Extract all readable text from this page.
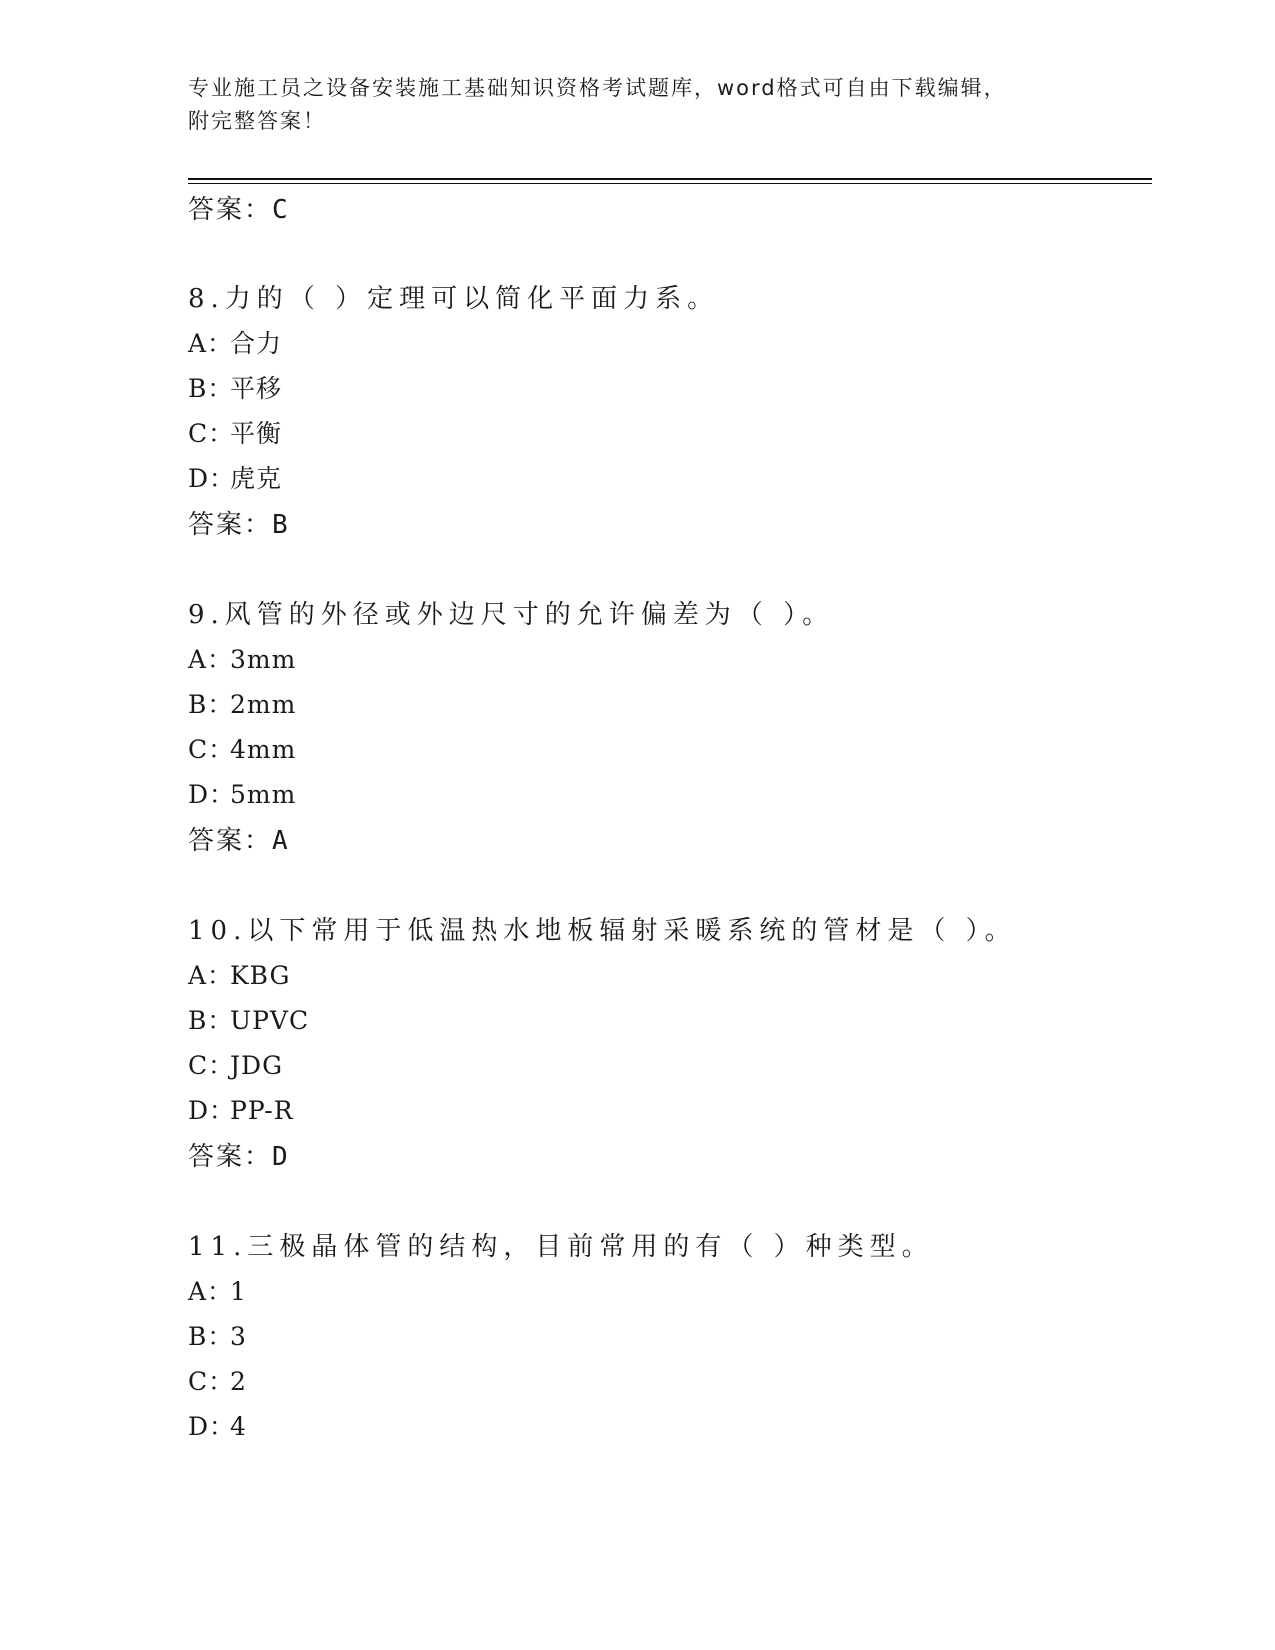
专业施工员之设备安装施工基础知识资格考试题库，word格式可自由下载编辑，
附完整答案！
答案：C
8.力的（ ）定理可以简化平面力系。
A：合力
B：平移
C：平衡
D：虎克
答案：B
9.风管的外径或外边尺寸的允许偏差为（ ）。
A：3mm
B：2mm
C：4mm
D：5mm
答案：A
10.以下常用于低温热水地板辐射采暖系统的管材是（ ）。
A：KBG
B：UPVC
C：JDG
D：PP-R
答案：D
11.三极晶体管的结构，目前常用的有（ ）种类型。
A：1
B：3
C：2
D：4
